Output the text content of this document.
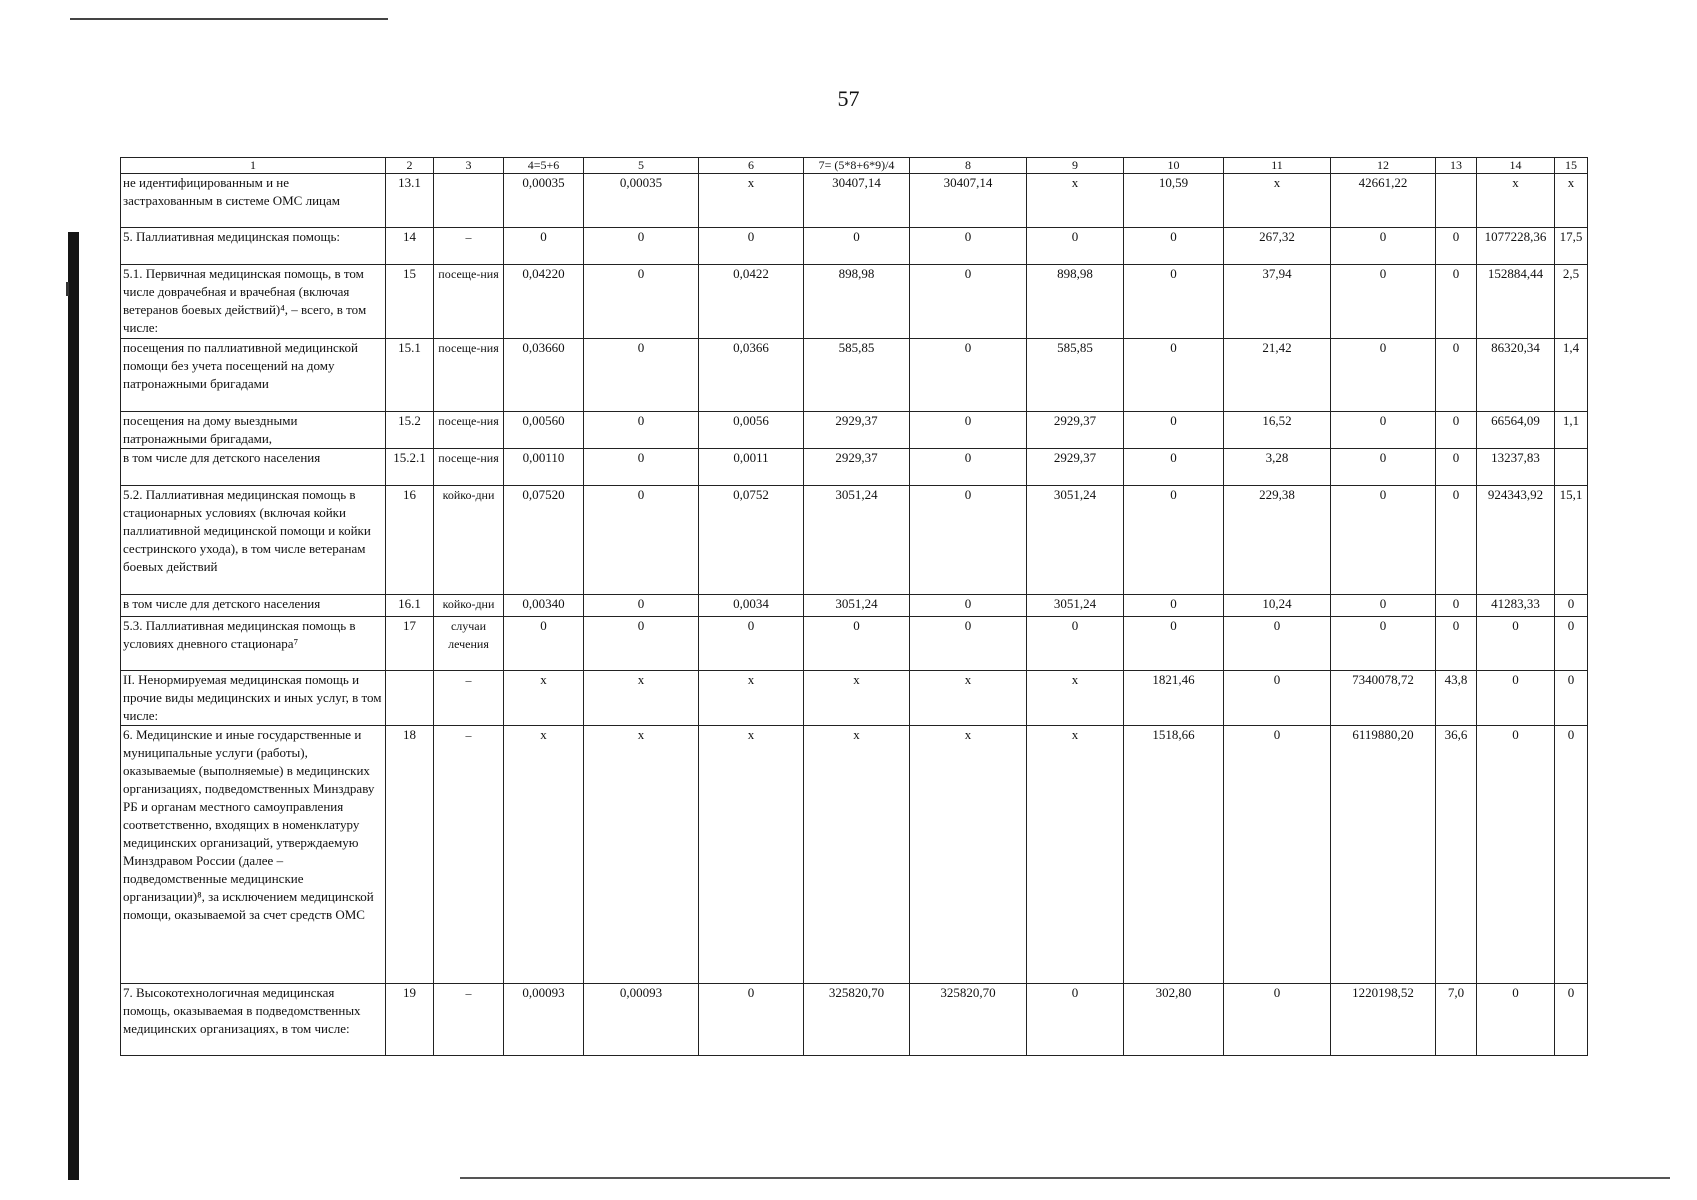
57
1	2	3	4=5+6	5	6	7= (5*8+6*9)/4	8	9	10	11	12	13	14	15
не идентифицированным и не застрахованным в системе ОМС лицам	13.1		0,00035	0,00035	х	30407,14	30407,14	х	10,59	х	42661,22		х	х
5. Паллиативная медицинская помощь:	14	–	0	0	0	0	0	0	0	267,32	0	0	1077228,36	17,5
5.1. Первичная медицинская помощь, в том числе доврачебная и врачебная (включая ветеранов боевых действий)⁴, – всего, в том числе:	15	посеще-ния	0,04220	0	0,0422	898,98	0	898,98	0	37,94	0	0	152884,44	2,5
посещения по паллиативной медицинской помощи без учета посещений на дому патронажными бригадами	15.1	посеще-ния	0,03660	0	0,0366	585,85	0	585,85	0	21,42	0	0	86320,34	1,4
посещения на дому выездными патронажными бригадами,	15.2	посеще-ния	0,00560	0	0,0056	2929,37	0	2929,37	0	16,52	0	0	66564,09	1,1
в том числе для детского населения	15.2.1	посеще-ния	0,00110	0	0,0011	2929,37	0	2929,37	0	3,28	0	0	13237,83	
5.2. Паллиативная медицинская помощь в стационарных условиях (включая койки паллиативной медицинской помощи и койки сестринского ухода), в том числе ветеранам боевых действий	16	койко-дни	0,07520	0	0,0752	3051,24	0	3051,24	0	229,38	0	0	924343,92	15,1
в том числе для детского населения	16.1	койко-дни	0,00340	0	0,0034	3051,24	0	3051,24	0	10,24	0	0	41283,33	0
5.3. Паллиативная медицинская помощь в условиях дневного стационара⁷	17	случаи лечения	0	0	0	0	0	0	0	0	0	0	0	0
II. Ненормируемая медицинская помощь и прочие виды медицинских и иных услуг, в том числе:		–	х	х	х	х	х	х	1821,46	0	7340078,72	43,8	0	0
6. Медицинские и иные государственные и муниципальные услуги (работы), оказываемые (выполняемые) в медицинских организациях, подведомственных Минздраву РБ и органам местного самоуправления соответственно, входящих в номенклатуру медицинских организаций, утверждаемую Минздравом России (далее – подведомственные медицинские организации)⁸, за исключением медицинской помощи, оказываемой за счет средств ОМС	18	–	х	х	х	х	х	х	1518,66	0	6119880,20	36,6	0	0
7. Высокотехнологичная медицинская помощь, оказываемая в подведомственных медицинских организациях, в том числе:	19	–	0,00093	0,00093	0	325820,70	325820,70	0	302,80	0	1220198,52	7,0	0	0
